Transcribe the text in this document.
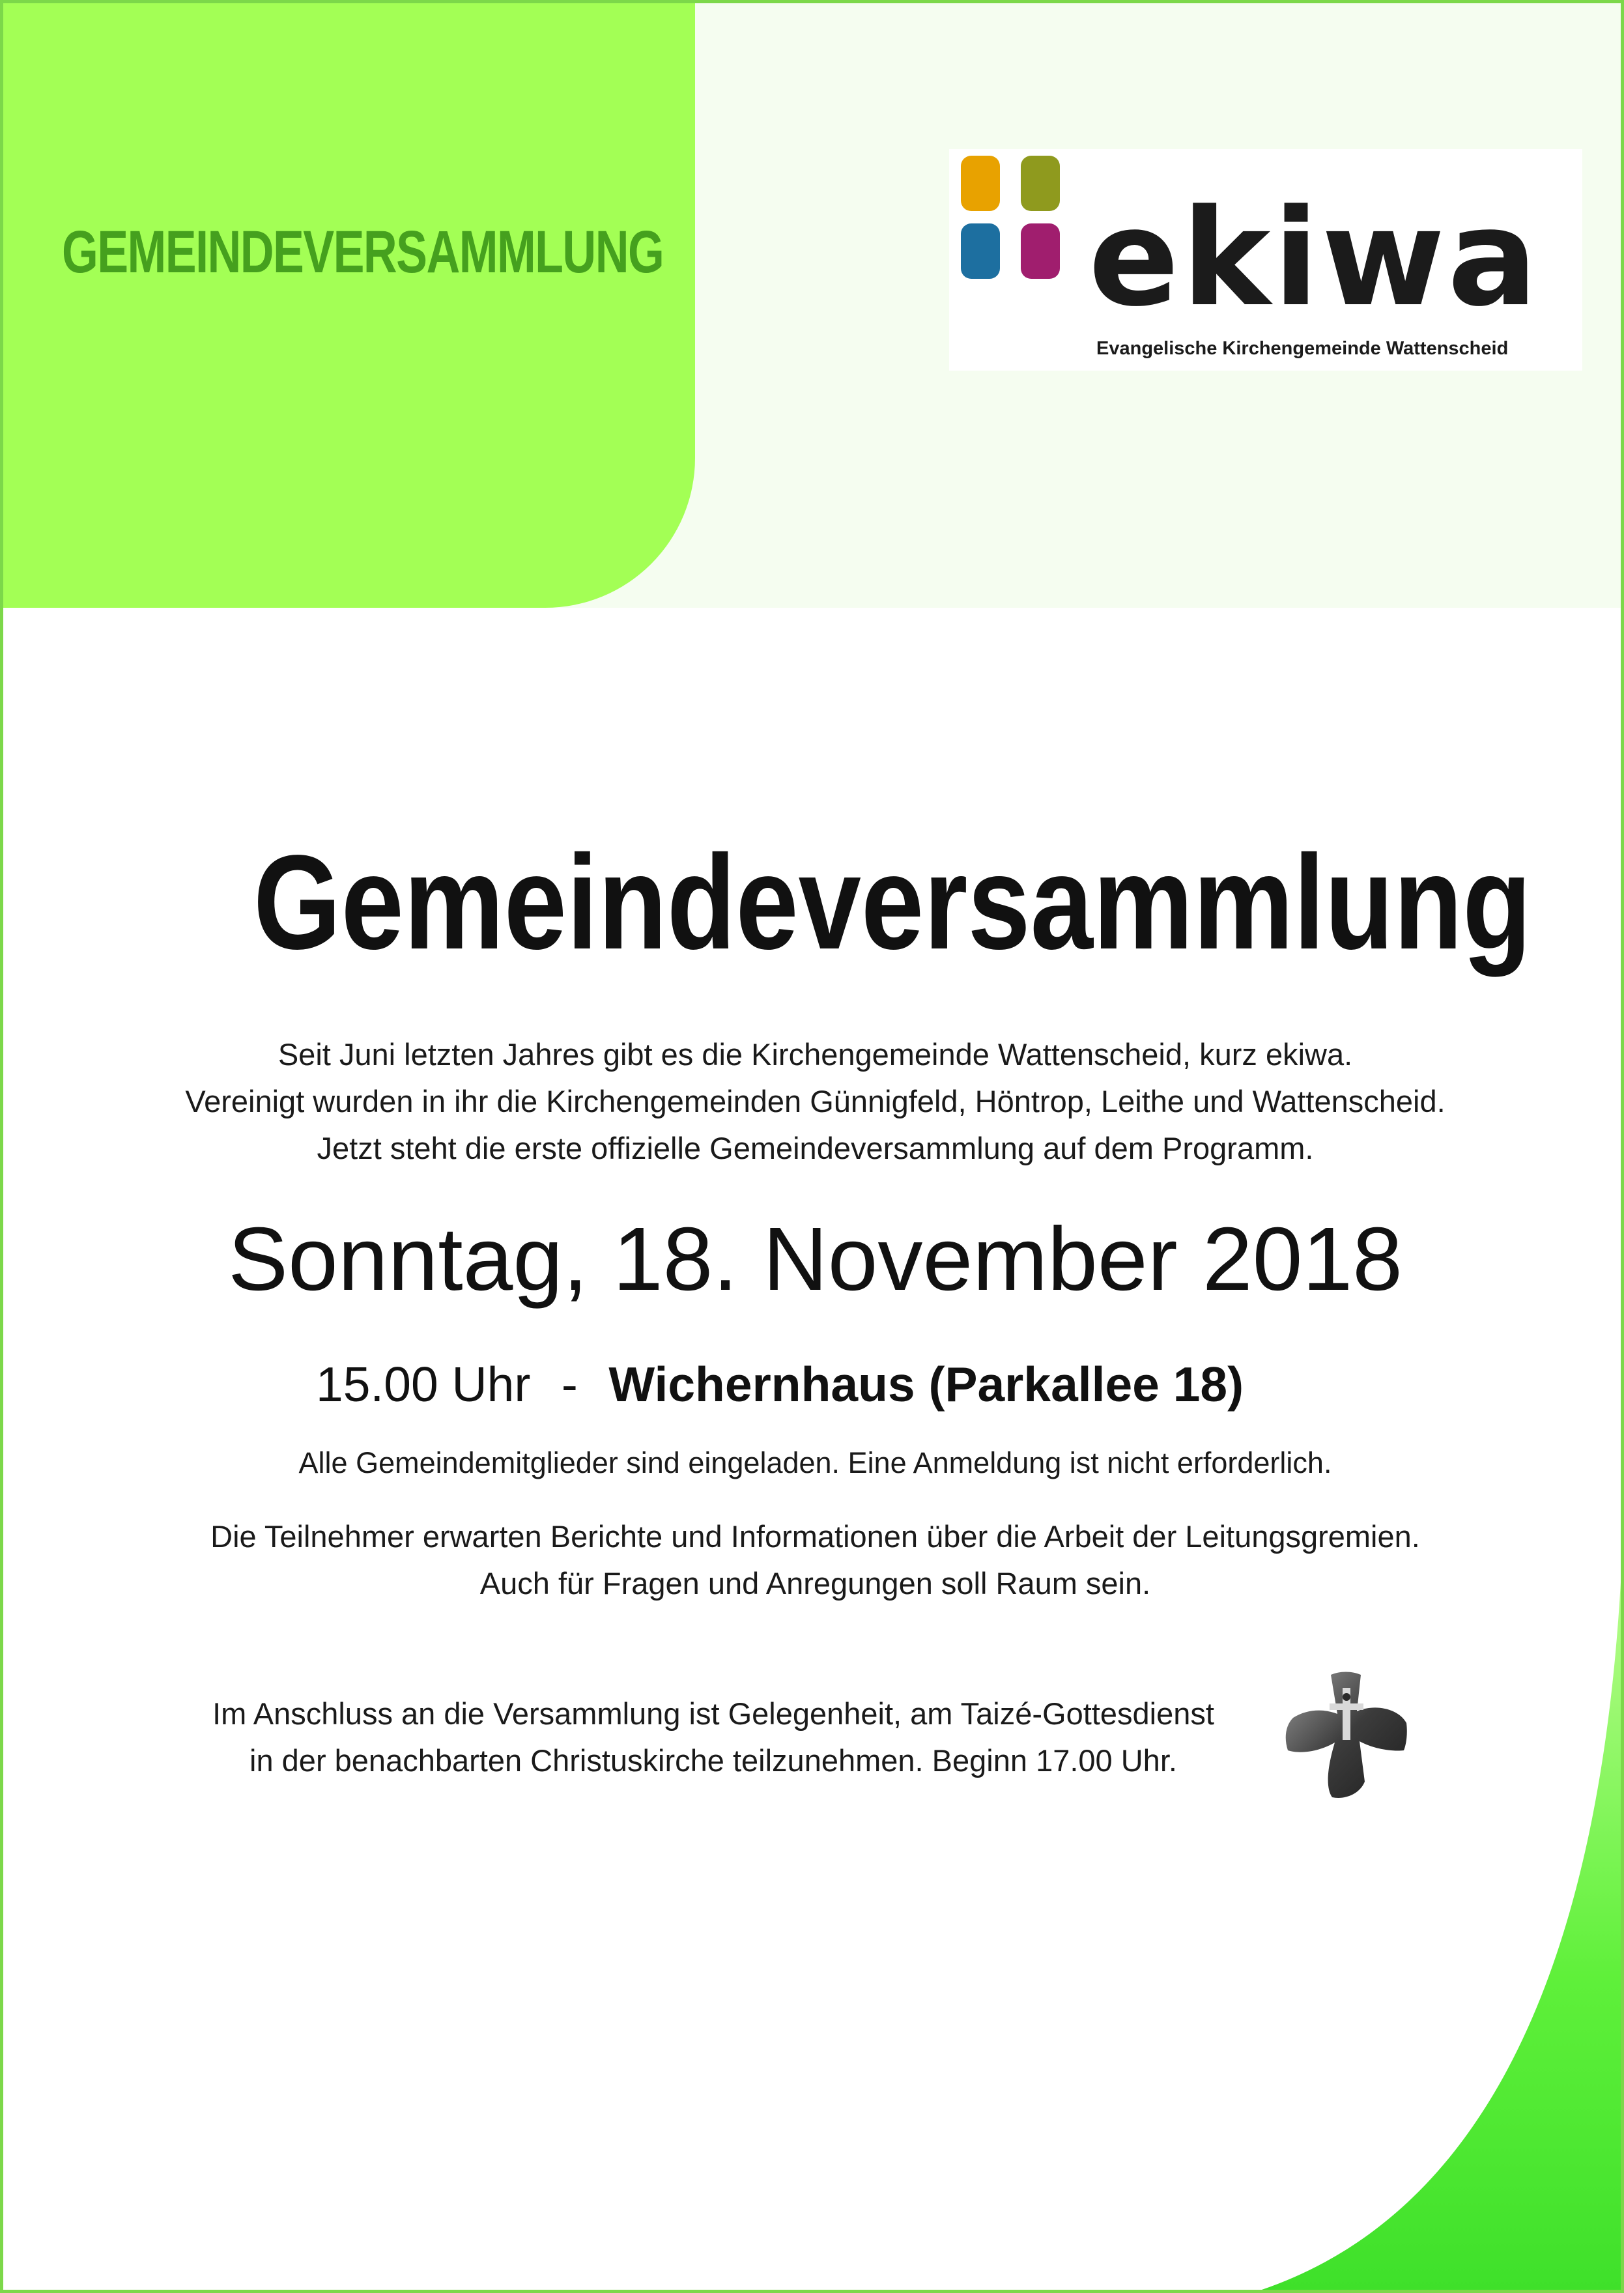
GEMEINDEVERSAMMLUNG	ekiwa
Evangelische Kirchengemeinde Wattenscheid
Gemeindeversammlung

Seit Juni letzten Jahres gibt es die Kirchengemeinde Wattenscheid, kurz ekiwa.

Vereinigt wurden in ihr die Kirchengemeinden Günnigfeld, Höntrop, Leithe und Wattenscheid.

Jetzt steht die erste offizielle Gemeindeversammlung auf dem Programm.

Sonntag, 18. November 2018
15.00 Uhr - Wichernhaus (Parkallee 18)
Alle Gemeindemitglieder sind eingeladen. Eine Anmeldung ist nicht erforderlich.

Die Teilnehmer erwarten Berichte und Informationen über die Arbeit der Leitungsgremien.

Auch für Fragen und Anregungen soll Raum sein.

Im Anschluss an die Versammlung ist Gelegenheit, am Taizé-Gottesdienst

in der benachbarten Christuskirche teilzunehmen. Beginn 17.00 Uhr.
